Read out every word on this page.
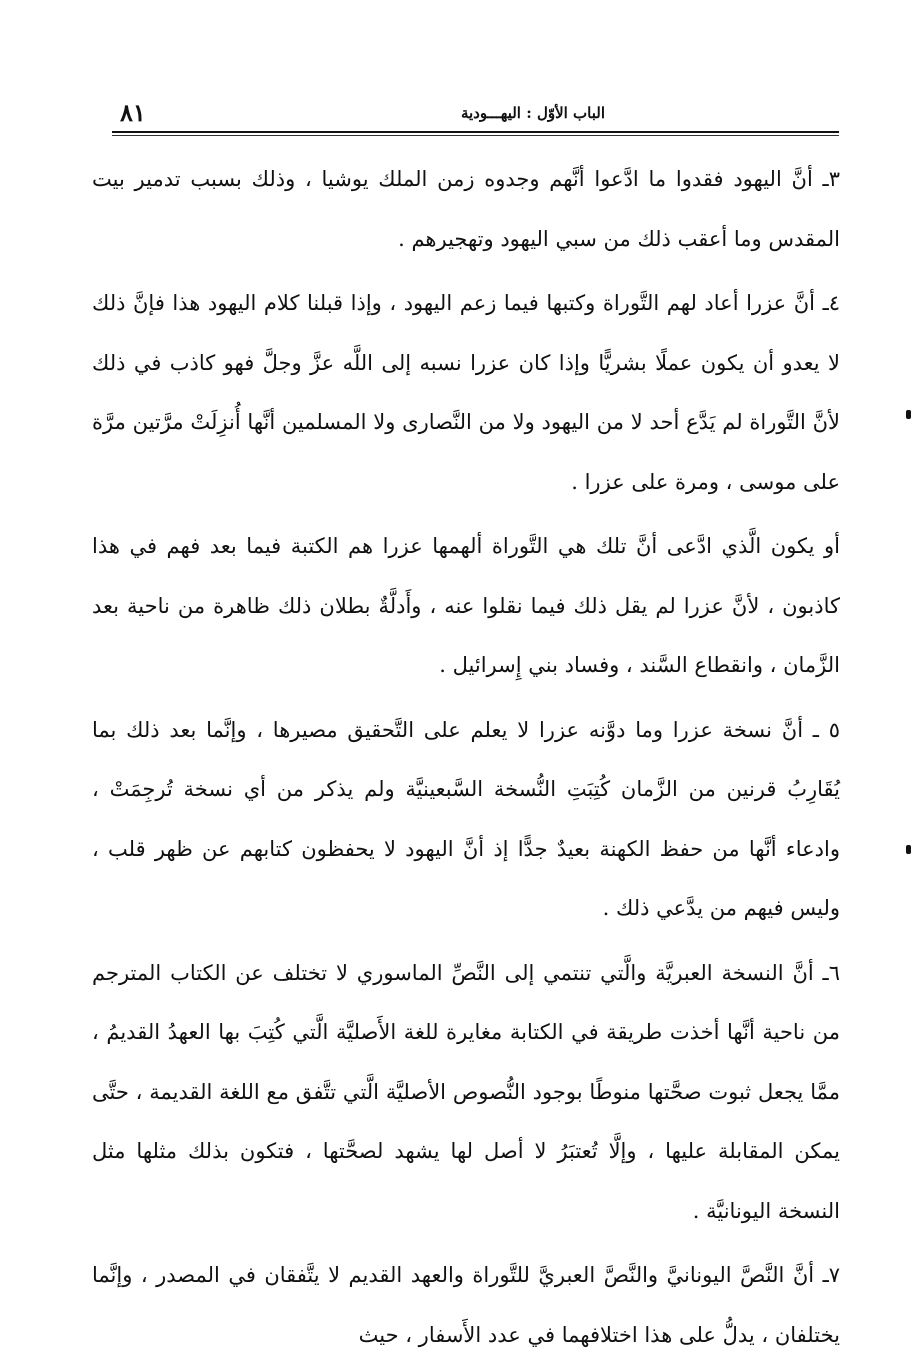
٨١	الباب الأوّل : اليهـــودية

٣ـ أنَّ اليهود فقدوا ما ادَّعوا أنَّهم وجدوه زمن الملك يوشيا ، وذلك بسبب تدمير بيت المقدس وما أعقب ذلك من سبي اليهود وتهجيرهم .

٤ـ أنَّ عزرا أعاد لهم التَّوراة وكتبها فيما زعم اليهود ، وإذا قبلنا كلام اليهود هذا فإنَّ ذلك لا يعدو أن يكون عملًا بشريًّا وإذا كان عزرا نسبه إلى اللَّه عزَّ وجلَّ فهو كاذب في ذلك لأنَّ التَّوراة لم يَدَّع أحد لا من اليهود ولا من النَّصارى ولا المسلمين أنَّها أُنزِلَتْ مرَّتين مرَّة على موسى ، ومرة على عزرا .

أو يكون الَّذي ادَّعى أنَّ تلك هي التَّوراة ألهمها عزرا هم الكتبة فيما بعد فهم في هذا كاذبون ، لأنَّ عزرا لم يقل ذلك فيما نقلوا عنه ، وأَدلَّةٌ بطلان ذلك ظاهرة من ناحية بعد الزَّمان ، وانقطاع السَّند ، وفساد بني إِسرائيل .

٥ ـ أنَّ نسخة عزرا وما دوَّنه عزرا لا يعلم على التَّحقيق مصيرها ، وإنَّما بعد ذلك بما يُقَارِبُ قرنين من الزَّمان كُتِبَتِ النُّسخة السَّبعينيَّة ولم يذكر من أي نسخة تُرجِمَتْ ، وادعاء أنَّها من حفظ الكهنة بعيدٌ جدًّا إذ أنَّ اليهود لا يحفظون كتابهم عن ظهر قلب ، وليس فيهم من يدَّعي ذلك .

٦ـ أنَّ النسخة العبريَّة والَّتي تنتمي إلى النَّصِّ الماسوري لا تختلف عن الكتاب المترجم من ناحية أنَّها أخذت طريقة في الكتابة مغايرة للغة الأَصليَّة الَّتي كُتِبَ بها العهدُ القديمُ ، ممَّا يجعل ثبوت صحَّتها منوطًا بوجود النُّصوص الأصليَّة الَّتي تتَّفق مع اللغة القديمة ، حتَّى يمكن المقابلة عليها ، وإلَّا تُعتبَرُ لا أصل لها يشهد لصحَّتها ، فتكون بذلك مثلها مثل النسخة اليونانيَّة .

٧ـ أنَّ النَّصَّ اليونانيَّ والنَّصَّ العبريَّ للتَّوراة والعهد القديم لا يتَّفقان في المصدر ، وإنَّما يختلفان ، يدلُّ على هذا اختلافهما في عدد الأَسفار ، حيث
